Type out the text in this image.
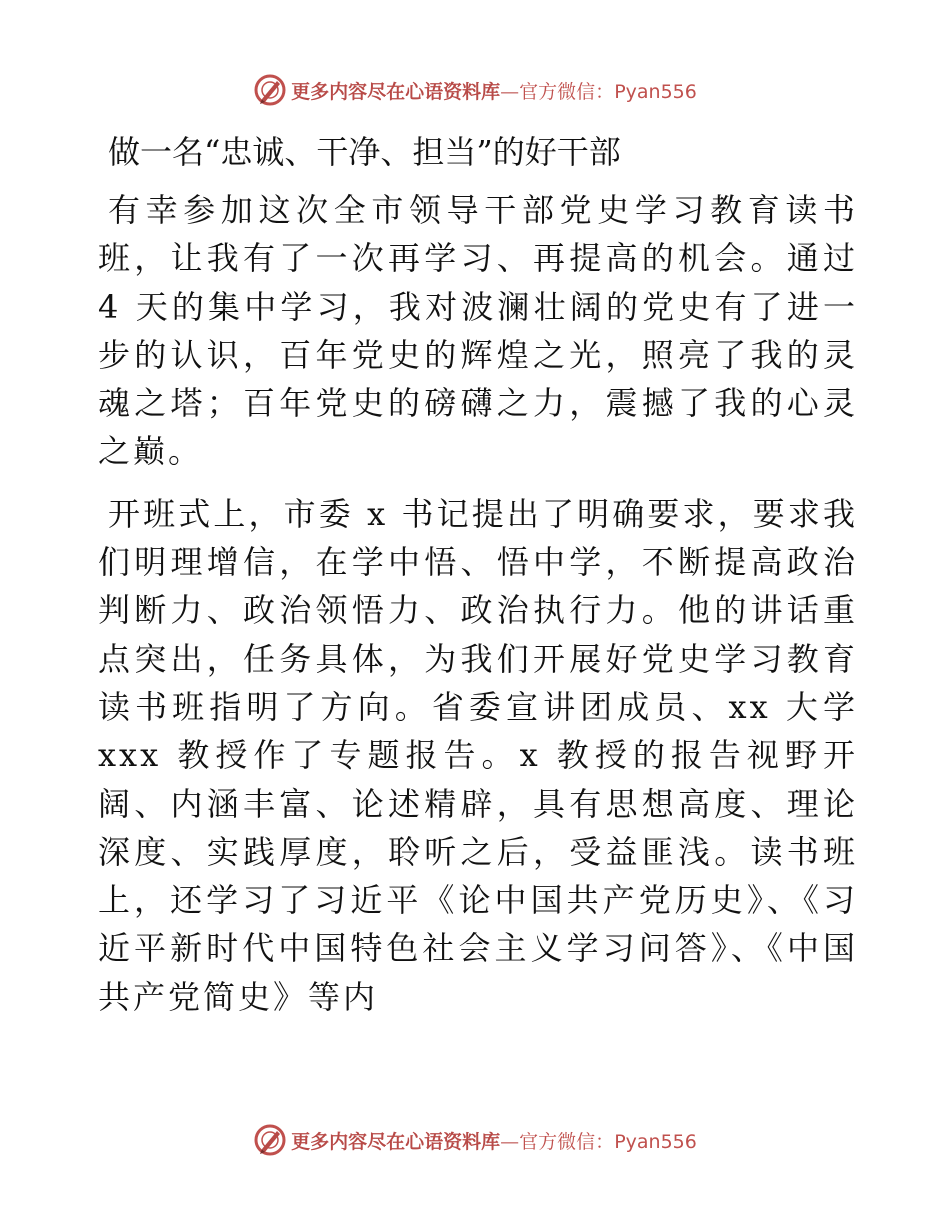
更多内容尽在心语资料库—官方微信：Pyan556
做一名“忠诚、干净、担当”的好干部

有幸参加这次全市领导干部党史学习教育读书班，让我有了一次再学习、再提高的机会。通过 4 天的集中学习，我对波澜壮阔的党史有了进一步的认识，百年党史的辉煌之光，照亮了我的灵魂之塔；百年党史的磅礴之力，震撼了我的心灵之巅。

开班式上，市委 x 书记提出了明确要求，要求我们明理增信，在学中悟、悟中学，不断提高政治判断力、政治领悟力、政治执行力。他的讲话重点突出，任务具体，为我们开展好党史学习教育读书班指明了方向。省委宣讲团成员、xx 大学 xxx 教授作了专题报告。x 教授的报告视野开阔、内涵丰富、论述精辟，具有思想高度、理论深度、实践厚度，聆听之后，受益匪浅。读书班上，还学习了习近平《论中国共产党历史》、《习近平新时代中国特色社会主义学习问答》、《中国共产党简史》等内

更多内容尽在心语资料库—官方微信：Pyan556
